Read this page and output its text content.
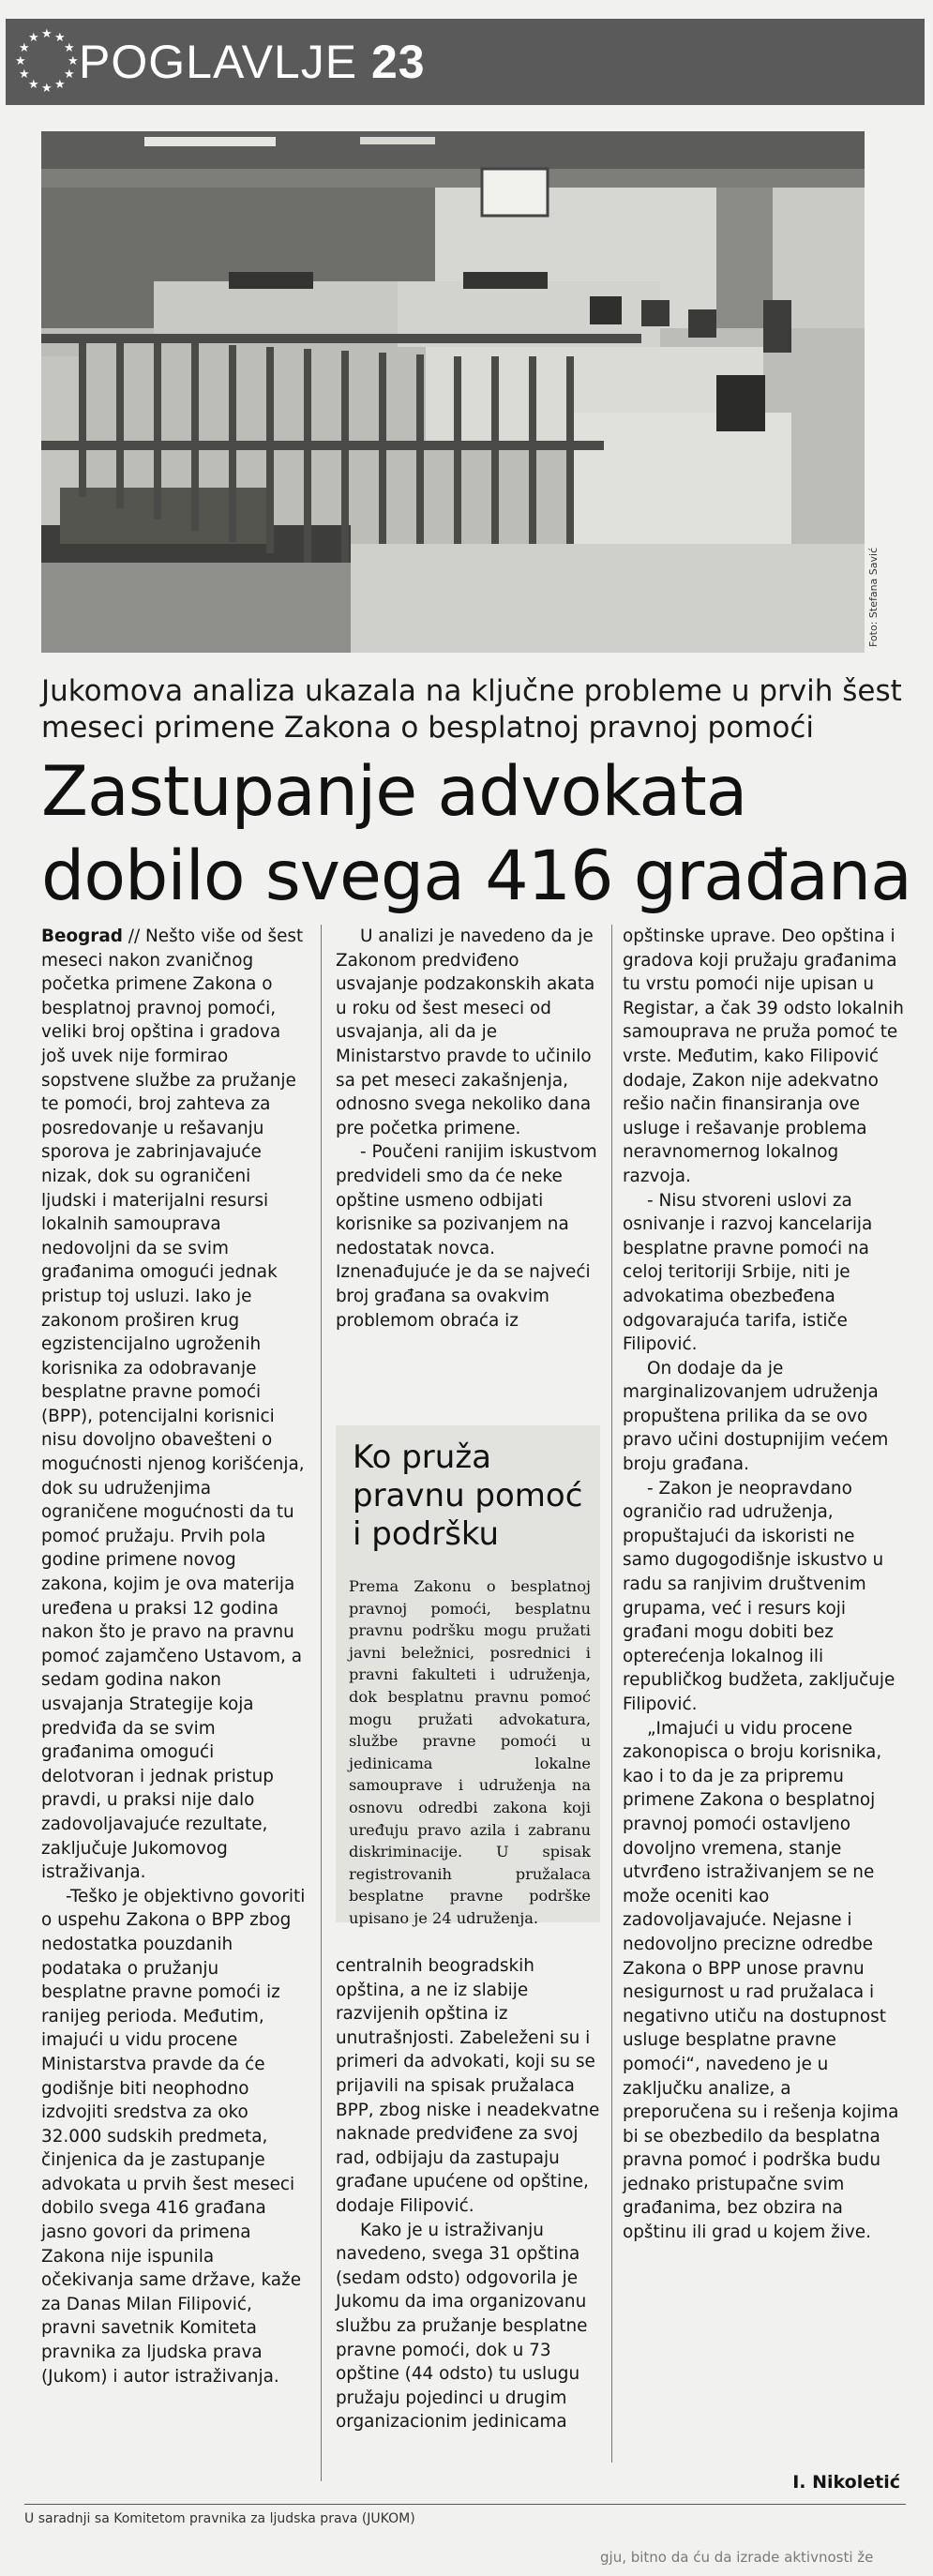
★ ★
★
★
★
★
★
★
★
★
★
★ POGLAVLJE 23
Foto: Stefana Savić
Jukomova analiza ukazala na ključne probleme u prvih šest meseci primene Zakona o besplatnoj pravnoj pomoći
Zastupanje advokata dobilo svega 416 građana

Beograd // Nešto više od šest meseci nakon zvaničnog početka primene Zakona o besplatnoj pravnoj pomoći, veliki broj opština i gradova još uvek nije formirao sopstvene službe za pružanje te pomoći, broj zahteva za posredovanje u rešavanju sporova je zabrinjavajuće nizak, dok su ograničeni ljudski i materijalni resursi lokalnih samouprava nedovoljni da se svim građanima omogući jednak pristup toj usluzi. Iako je zakonom proširen krug egzistencijalno ugroženih korisnika za odobravanje besplatne pravne pomoći (BPP), potencijalni korisnici nisu dovoljno obavešteni o mogućnosti njenog korišćenja, dok su udruženjima ograničene mogućnosti da tu pomoć pružaju. Prvih pola godine primene novog zakona, kojim je ova materija uređena u praksi 12 godina nakon što je pravo na pravnu pomoć zajamčeno Ustavom, a sedam godina nakon usvajanja Strategije koja predviđa da se svim građanima omogući delotvoran i jednak pristup pravdi, u praksi nije dalo zadovoljavajuće rezultate, zaključuje Jukomovog istraživanja.

-Teško je objektivno govoriti o uspehu Zakona o BPP zbog nedostatka pouzdanih podataka o pružanju besplatne pravne pomoći iz ranijeg perioda. Međutim, imajući u vidu procene Ministarstva pravde da će godišnje biti neophodno izdvojiti sredstva za oko 32.000 sudskih predmeta, činjenica da je zastupanje advokata u prvih šest meseci dobilo svega 416 građana jasno govori da primena Zakona nije ispunila očekivanja same države, kaže za Danas Milan Filipović, pravni savetnik Komiteta pravnika za ljudska prava (Jukom) i autor istraživanja.

U analizi je navedeno da je Zakonom predviđeno usvajanje podzakonskih akata u roku od šest meseci od usvajanja, ali da je Ministarstvo pravde to učinilo sa pet meseci zakašnjenja, odnosno svega nekoliko dana pre početka primene.

- Poučeni ranijim iskustvom predvideli smo da će neke opštine usmeno odbijati korisnike sa pozivanjem na nedostatak novca. Iznenađujuće je da se najveći broj građana sa ovakvim problemom obraća iz

Ko pruža pravnu pomoć i podršku
Prema Zakonu o besplatnoj pravnoj pomoći, besplatnu pravnu podršku mogu pružati javni beležnici, posrednici i pravni fakulteti i udruženja, dok besplatnu pravnu pomoć mogu pružati advokatura, službe pravne pomoći u jedinicama lokalne samouprave i udruženja na osnovu odredbi zakona koji uređuju pravo azila i zabranu diskriminacije. U spisak registrovanih pružalaca besplatne pravne podrške upisano je 24 udruženja.

centralnih beogradskih opština, a ne iz slabije razvijenih opština iz unutrašnjosti. Zabeleženi su i primeri da advokati, koji su se prijavili na spisak pružalaca BPP, zbog niske i neadekvatne naknade predviđene za svoj rad, odbijaju da zastupaju građane upućene od opštine, dodaje Filipović.

Kako je u istraživanju navedeno, svega 31 opština (sedam odsto) odgovorila je Jukomu da ima organizovanu službu za pružanje besplatne pravne pomoći, dok u 73 opštine (44 odsto) tu uslugu pružaju pojedinci u drugim organizacionim jedinicama

opštinske uprave. Deo opština i gradova koji pružaju građanima tu vrstu pomoći nije upisan u Registar, a čak 39 odsto lokalnih samouprava ne pruža pomoć te vrste. Međutim, kako Filipović dodaje, Zakon nije adekvatno rešio način finansiranja ove usluge i rešavanje problema neravnomernog lokalnog razvoja.

- Nisu stvoreni uslovi za osnivanje i razvoj kancelarija besplatne pravne pomoći na celoj teritoriji Srbije, niti je advokatima obezbeđena odgovarajuća tarifa, ističe Filipović.

On dodaje da je marginalizovanjem udruženja propuštena prilika da se ovo pravo učini dostupnijim većem broju građana.

- Zakon je neopravdano ograničio rad udruženja, propuštajući da iskoristi ne samo dugogodišnje iskustvo u radu sa ranjivim društvenim grupama, već i resurs koji građani mogu dobiti bez opterećenja lokalnog ili republičkog budžeta, zaključuje Filipović.

„Imajući u vidu procene zakonopisca o broju korisnika, kao i to da je za pripremu primene Zakona o besplatnoj pravnoj pomoći ostavljeno dovoljno vremena, stanje utvrđeno istraživanjem se ne može oceniti kao zadovoljavajuće. Nejasne i nedovoljno precizne odredbe Zakona o BPP unose pravnu nesigurnost u rad pružalaca i negativno utiču na dostupnost usluge besplatne pravne pomoći“, navedeno je u zaključku analize, a preporučena su i rešenja kojima bi se obezbedilo da besplatna pravna pomoć i podrška budu jednako pristupačne svim građanima, bez obzira na opštinu ili grad u kojem žive.

I. Nikoletić
U saradnji sa Komitetom pravnika za ljudska prava (JUKOM)
gju, bitno da ću da izrade aktivnosti že
